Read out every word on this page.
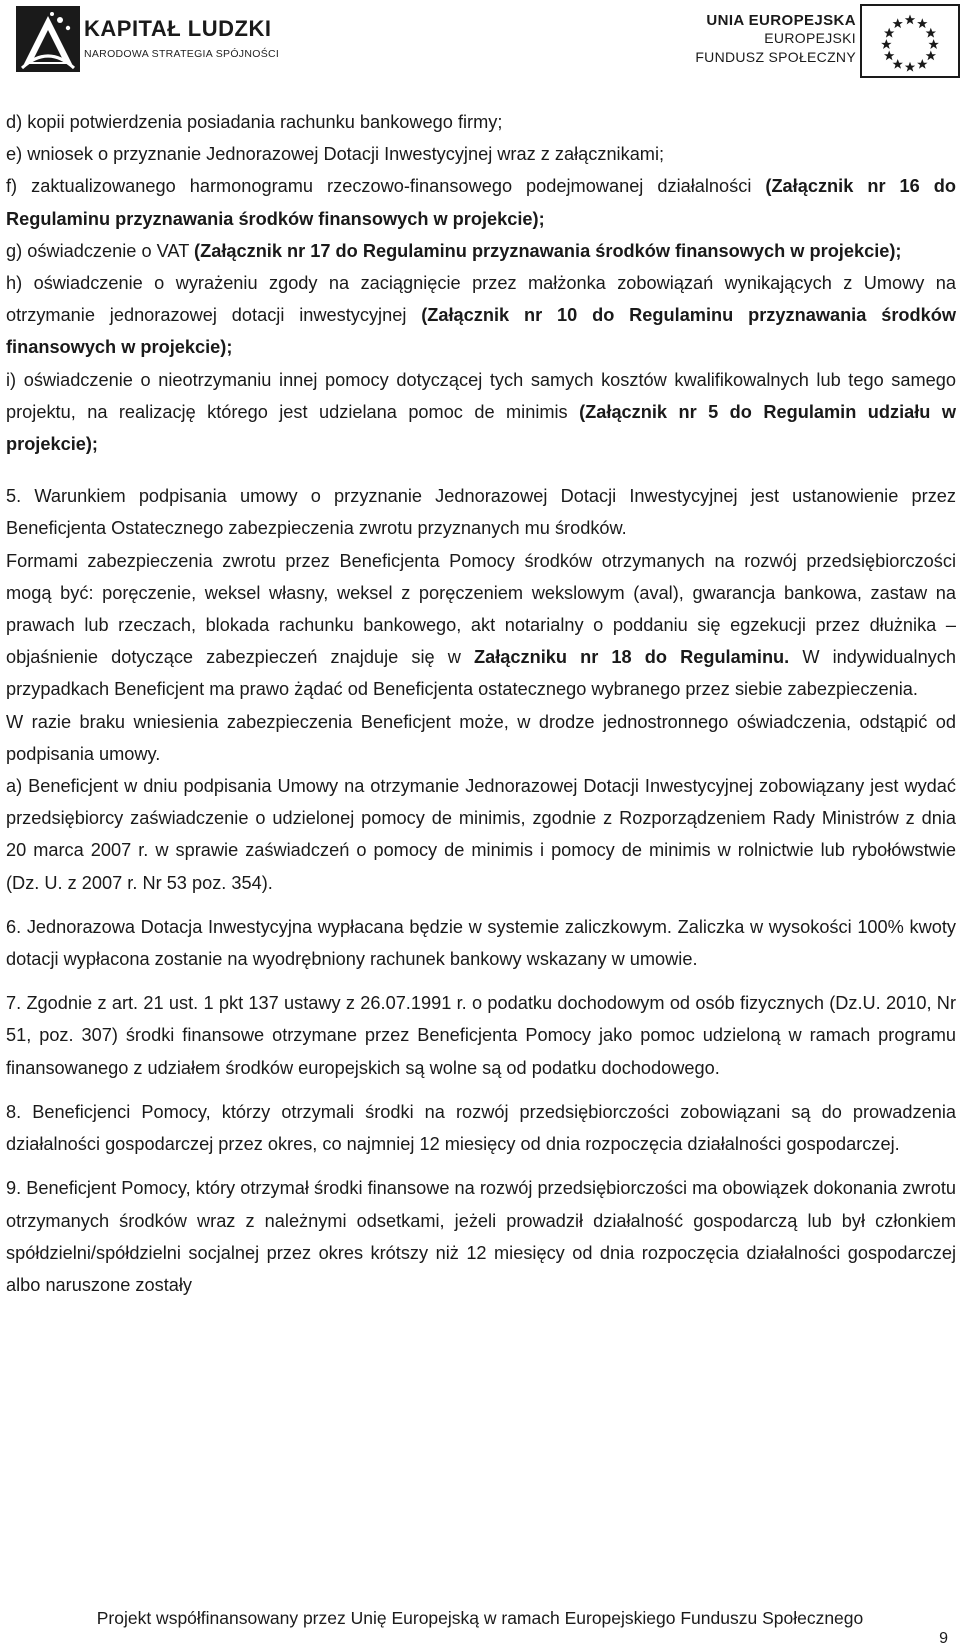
KAPITAŁ LUDZKI
NARODOWA STRATEGIA SPÓJNOŚCI
UNIA EUROPEJSKA
EUROPEJSKI
FUNDUSZ SPOŁECZNY
d) kopii potwierdzenia posiadania rachunku bankowego firmy;
e) wniosek o przyznanie Jednorazowej Dotacji Inwestycyjnej wraz z załącznikami;
f) zaktualizowanego harmonogramu rzeczowo-finansowego podejmowanej działalności (Załącznik nr 16 do Regulaminu przyznawania środków finansowych w projekcie);
g) oświadczenie o VAT (Załącznik nr 17 do Regulaminu przyznawania środków finansowych w projekcie);
h) oświadczenie o wyrażeniu zgody na zaciągnięcie przez małżonka zobowiązań wynikających z Umowy na otrzymanie jednorazowej dotacji inwestycyjnej (Załącznik nr 10 do Regulaminu przyznawania środków finansowych w projekcie);
i) oświadczenie o nieotrzymaniu innej pomocy dotyczącej tych samych kosztów kwalifikowalnych lub tego samego projektu, na realizację którego jest udzielana pomoc de minimis (Załącznik nr 5 do Regulamin udziału w projekcie);
5. Warunkiem podpisania umowy o przyznanie Jednorazowej Dotacji Inwestycyjnej jest ustanowienie przez Beneficjenta Ostatecznego zabezpieczenia zwrotu przyznanych mu środków.
Formami zabezpieczenia zwrotu przez Beneficjenta Pomocy środków otrzymanych na rozwój przedsiębiorczości mogą być: poręczenie, weksel własny, weksel z poręczeniem wekslowym (aval), gwarancja bankowa, zastaw na prawach lub rzeczach, blokada rachunku bankowego, akt notarialny o poddaniu się egzekucji przez dłużnika – objaśnienie dotyczące zabezpieczeń znajduje się w Załączniku nr 18 do Regulaminu. W indywidualnych przypadkach Beneficjent ma prawo żądać od Beneficjenta ostatecznego wybranego przez siebie zabezpieczenia.
W razie braku wniesienia zabezpieczenia Beneficjent może, w drodze jednostronnego oświadczenia, odstąpić od podpisania umowy.
a) Beneficjent w dniu podpisania Umowy na otrzymanie Jednorazowej Dotacji Inwestycyjnej zobowiązany jest wydać przedsiębiorcy zaświadczenie o udzielonej pomocy de minimis, zgodnie z Rozporządzeniem Rady Ministrów z dnia 20 marca 2007 r. w sprawie zaświadczeń o pomocy de minimis i pomocy de minimis w rolnictwie lub rybołówstwie (Dz. U. z 2007 r. Nr 53 poz. 354).
6. Jednorazowa Dotacja Inwestycyjna wypłacana będzie w systemie zaliczkowym. Zaliczka w wysokości 100% kwoty dotacji wypłacona zostanie na wyodrębniony rachunek bankowy wskazany w umowie.
7. Zgodnie z art. 21 ust. 1 pkt 137 ustawy z 26.07.1991 r. o podatku dochodowym od osób fizycznych (Dz.U. 2010, Nr 51, poz. 307) środki finansowe otrzymane przez Beneficjenta Pomocy jako pomoc udzieloną w ramach programu finansowanego z udziałem środków europejskich są wolne są od podatku dochodowego.
8. Beneficjenci Pomocy, którzy otrzymali środki na rozwój przedsiębiorczości zobowiązani są do prowadzenia działalności gospodarczej przez okres, co najmniej 12 miesięcy od dnia rozpoczęcia działalności gospodarczej.
9. Beneficjent Pomocy, który otrzymał środki finansowe na rozwój przedsiębiorczości ma obowiązek dokonania zwrotu otrzymanych środków wraz z należnymi odsetkami, jeżeli prowadził działalność gospodarczą lub był członkiem spółdzielni/spółdzielni socjalnej przez okres krótszy niż 12 miesięcy od dnia rozpoczęcia działalności gospodarczej albo naruszone zostały
Projekt współfinansowany przez Unię Europejską w ramach Europejskiego Funduszu Społecznego
9
